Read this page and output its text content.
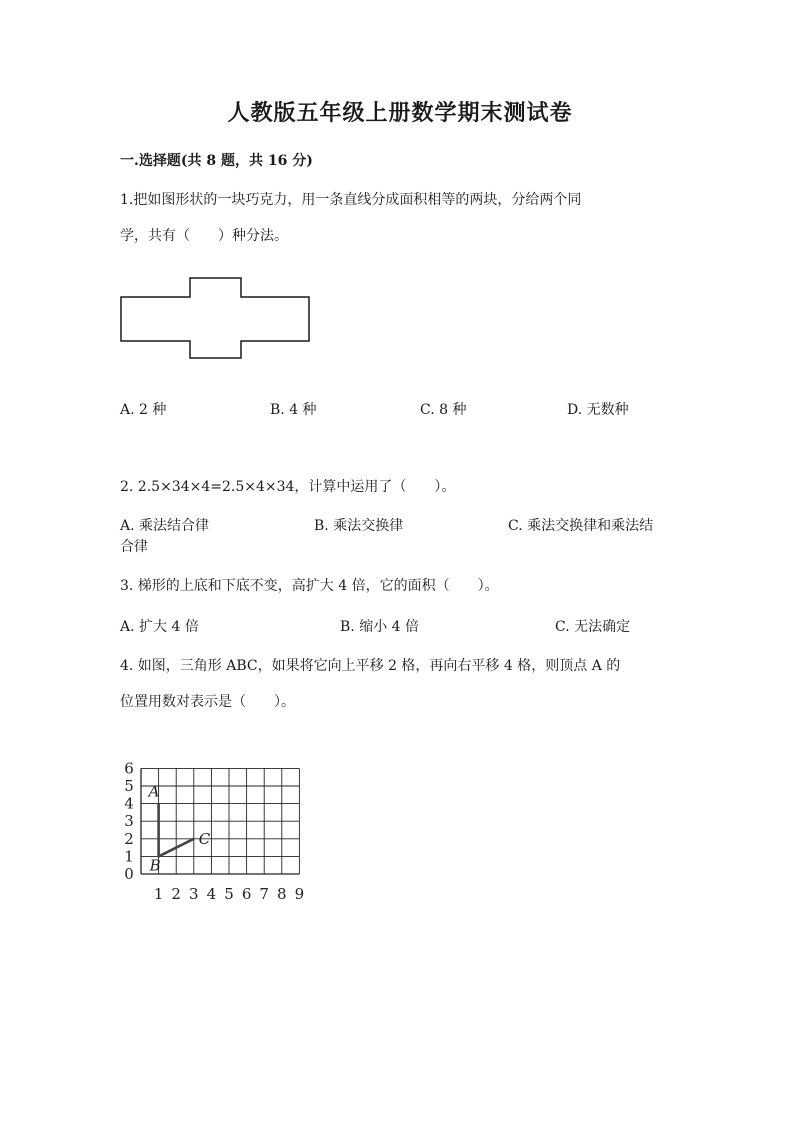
人教版五年级上册数学期末测试卷
一.选择题(共 8 题，共 16 分)
1.把如图形状的一块巧克力，用一条直线分成面积相等的两块，分给两个同
学，共有（　　）种分法。
A. 2 种	B. 4 种	C. 8 种	D. 无数种
2. 2.5×34×4=2.5×4×34，计算中运用了（　　）。
A. 乘法结合律	B. 乘法交换律	C. 乘法交换律和乘法结
合律
3. 梯形的上底和下底不变，高扩大 4 倍，它的面积（　　）。
A. 扩大 4 倍	B. 缩小 4 倍	C. 无法确定
4. 如图，三角形 ABC，如果将它向上平移 2 格，再向右平移 4 格，则顶点 A 的
位置用数对表示是（　　）。
1 2 3 4 5 6 7 8 9
0
1
2
3
4
5
6
A
B
C
